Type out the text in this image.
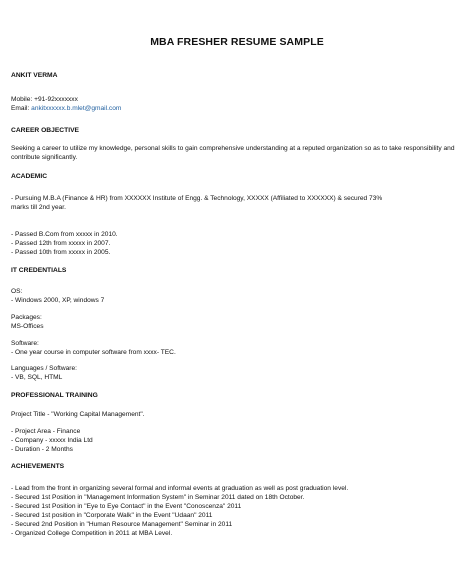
MBA FRESHER RESUME SAMPLE
ANKIT VERMA
Mobile: +91-92xxxxxxx
Email: ankitxxxxxx.b.mlet@gmail.com
CAREER OBJECTIVE
Seeking a career to utilize my knowledge, personal skills to gain comprehensive understanding at a reputed organization so as to take responsibility and contribute significantly.
ACADEMIC
- Pursuing M.B.A (Finance & HR) from XXXXXX Institute of Engg. & Technology, XXXXX (Affiliated to XXXXXX) & secured 73%
marks till 2nd year.
- Passed B.Com from xxxxx in 2010.
- Passed 12th from xxxxx in 2007.
- Passed 10th from xxxxx in 2005.
IT CREDENTIALS
OS:
- Windows 2000, XP, windows 7
Packages:
MS-Offices
Software:
- One year course in computer software from xxxx- TEC.
Languages / Software:
- VB, SQL, HTML
PROFESSIONAL TRAINING
Project Title - "Working Capital Management".
- Project Area - Finance
- Company - xxxxx India Ltd
- Duration - 2 Months
ACHIEVEMENTS
- Lead from the front in organizing several formal and informal events at graduation as well as post graduation level.
- Secured 1st Position in "Management Information System" in Seminar 2011 dated on 18th October.
- Secured 1st Position in "Eye to Eye Contact" in the Event "Conoscenza" 2011
- Secured 1st position in "Corporate Walk" in the Event "Udaan" 2011
- Secured 2nd Position in "Human Resource Management" Seminar in 2011
- Organized College Competition in 2011 at MBA Level.
